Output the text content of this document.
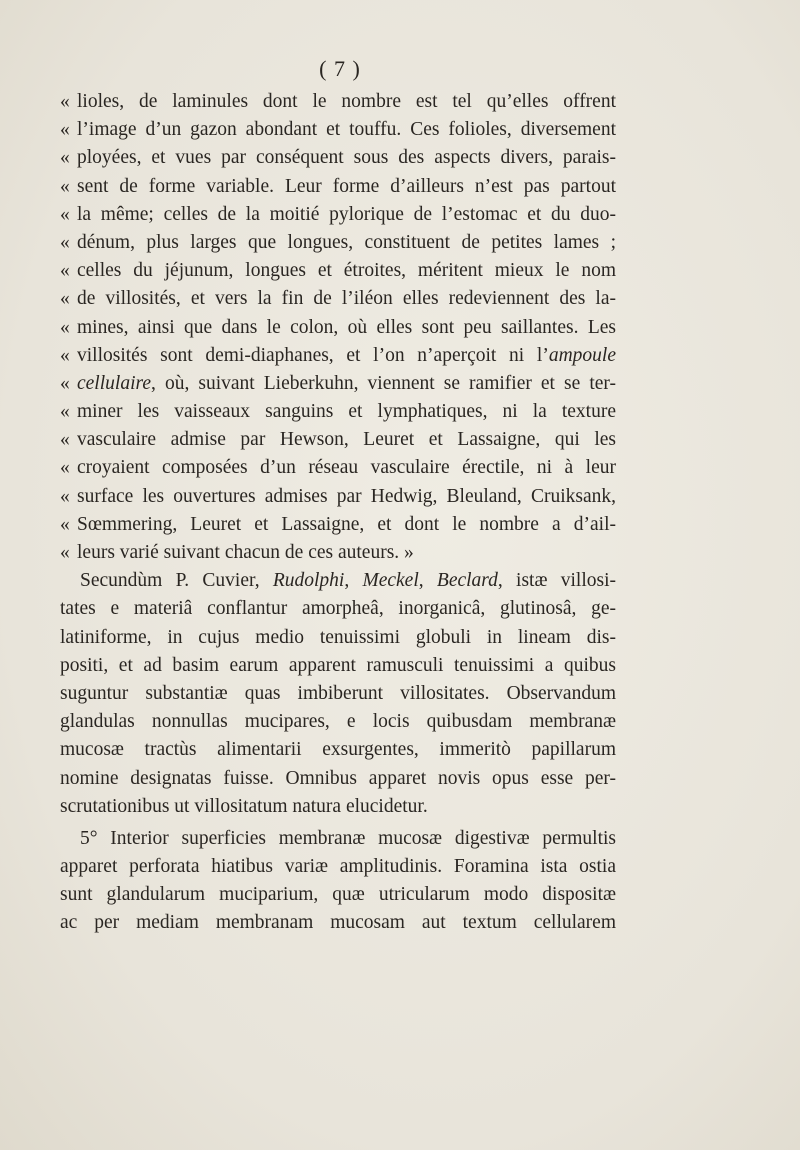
( 7 )
« lioles, de laminules dont le nombre est tel qu’elles offrent
« l’image d’un gazon abondant et touffu. Ces folioles, diversement
« ployées, et vues par conséquent sous des aspects divers, parais-
« sent de forme variable. Leur forme d’ailleurs n’est pas partout
« la même; celles de la moitié pylorique de l’estomac et du duo-
« dénum, plus larges que longues, constituent de petites lames ;
« celles du jéjunum, longues et étroites, méritent mieux le nom
« de villosités, et vers la fin de l’iléon elles redeviennent des la-
« mines, ainsi que dans le colon, où elles sont peu saillantes. Les
« villosités sont demi-diaphanes, et l’on n’aperçoit ni l’ampoule
« cellulaire, où, suivant Lieberkuhn, viennent se ramifier et se ter-
« miner les vaisseaux sanguins et lymphatiques, ni la texture
« vasculaire admise par Hewson, Leuret et Lassaigne, qui les
« croyaient composées d’un réseau vasculaire érectile, ni à leur
« surface les ouvertures admises par Hedwig, Bleuland, Cruiksank,
« Sœmmering, Leuret et Lassaigne, et dont le nombre a d’ail-
« leurs varié suivant chacun de ces auteurs. »
Secundùm P. Cuvier, Rudolphi, Meckel, Beclard, istæ villosi-
tates e materiâ conflantur amorpheâ, inorganicâ, glutinosâ, ge-
latiniforme, in cujus medio tenuissimi globuli in lineam dis-
positi, et ad basim earum apparent ramusculi tenuissimi a quibus
suguntur substantiæ quas imbiberunt villositates. Observandum
glandulas nonnullas mucipares, e locis quibusdam membranæ
mucosæ tractùs alimentarii exsurgentes, immeritò papillarum
nomine designatas fuisse. Omnibus apparet novis opus esse per-
scrutationibus ut villositatum natura elucidetur.
5° Interior superficies membranæ mucosæ digestivæ permultis
apparet perforata hiatibus variæ amplitudinis. Foramina ista ostia
sunt glandularum muciparium, quæ utricularum modo dispositæ
ac per mediam membranam mucosam aut textum cellularem
